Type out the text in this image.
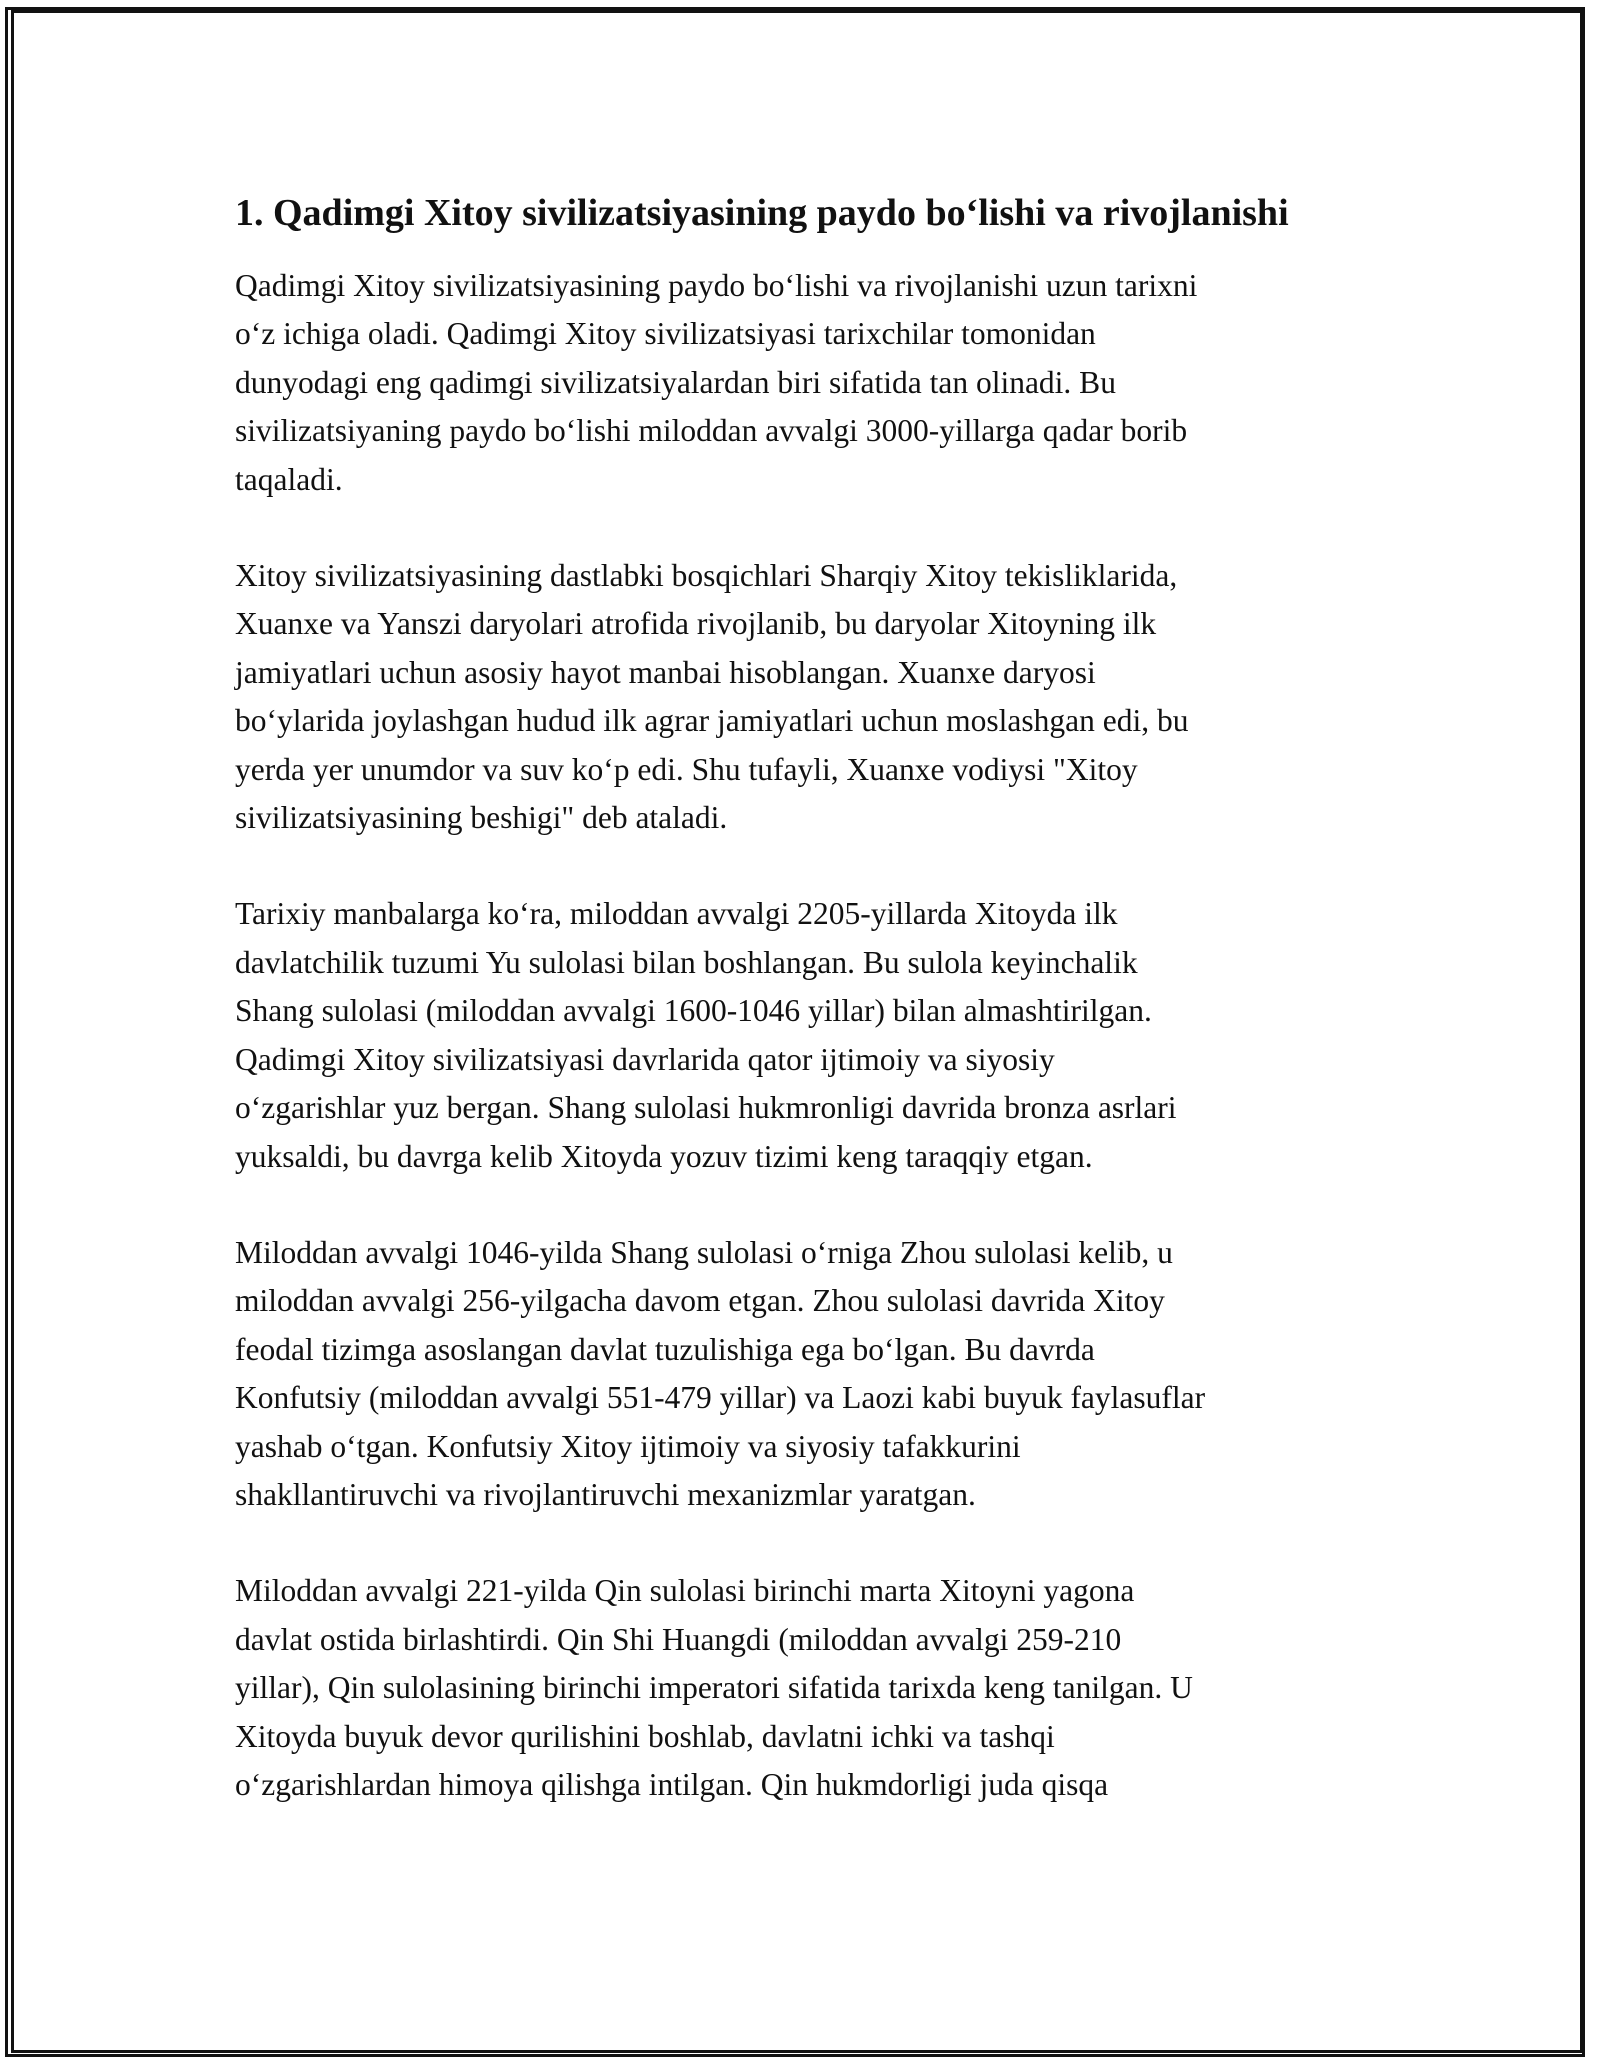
1. Qadimgi Xitoy sivilizatsiyasining paydo boʻlishi va rivojlanishi

Qadimgi Xitoy sivilizatsiyasining paydo boʻlishi va rivojlanishi uzun tarixni
oʻz ichiga oladi. Qadimgi Xitoy sivilizatsiyasi tarixchilar tomonidan
dunyodagi eng qadimgi sivilizatsiyalardan biri sifatida tan olinadi. Bu
sivilizatsiyaning paydo boʻlishi miloddan avvalgi 3000-yillarga qadar borib
taqaladi.

Xitoy sivilizatsiyasining dastlabki bosqichlari Sharqiy Xitoy tekisliklarida,
Xuanxe va Yanszi daryolari atrofida rivojlanib, bu daryolar Xitoyning ilk
jamiyatlari uchun asosiy hayot manbai hisoblangan. Xuanxe daryosi
boʻylarida joylashgan hudud ilk agrar jamiyatlari uchun moslashgan edi, bu
yerda yer unumdor va suv koʻp edi. Shu tufayli, Xuanxe vodiysi "Xitoy
sivilizatsiyasining beshigi" deb ataladi.

Tarixiy manbalarga koʻra, miloddan avvalgi 2205-yillarda Xitoyda ilk
davlatchilik tuzumi Yu sulolasi bilan boshlangan. Bu sulola keyinchalik
Shang sulolasi (miloddan avvalgi 1600-1046 yillar) bilan almashtirilgan.
Qadimgi Xitoy sivilizatsiyasi davrlarida qator ijtimoiy va siyosiy
oʻzgarishlar yuz bergan. Shang sulolasi hukmronligi davrida bronza asrlari
yuksaldi, bu davrga kelib Xitoyda yozuv tizimi keng taraqqiy etgan.

Miloddan avvalgi 1046-yilda Shang sulolasi oʻrniga Zhou sulolasi kelib, u
miloddan avvalgi 256-yilgacha davom etgan. Zhou sulolasi davrida Xitoy
feodal tizimga asoslangan davlat tuzulishiga ega boʻlgan. Bu davrda
Konfutsiy (miloddan avvalgi 551-479 yillar) va Laozi kabi buyuk faylasuflar
yashab oʻtgan. Konfutsiy Xitoy ijtimoiy va siyosiy tafakkurini
shakllantiruvchi va rivojlantiruvchi mexanizmlar yaratgan.

Miloddan avvalgi 221-yilda Qin sulolasi birinchi marta Xitoyni yagona
davlat ostida birlashtirdi. Qin Shi Huangdi (miloddan avvalgi 259-210
yillar), Qin sulolasining birinchi imperatori sifatida tarixda keng tanilgan. U
Xitoyda buyuk devor qurilishini boshlab, davlatni ichki va tashqi
oʻzgarishlardan himoya qilishga intilgan. Qin hukmdorligi juda qisqa
